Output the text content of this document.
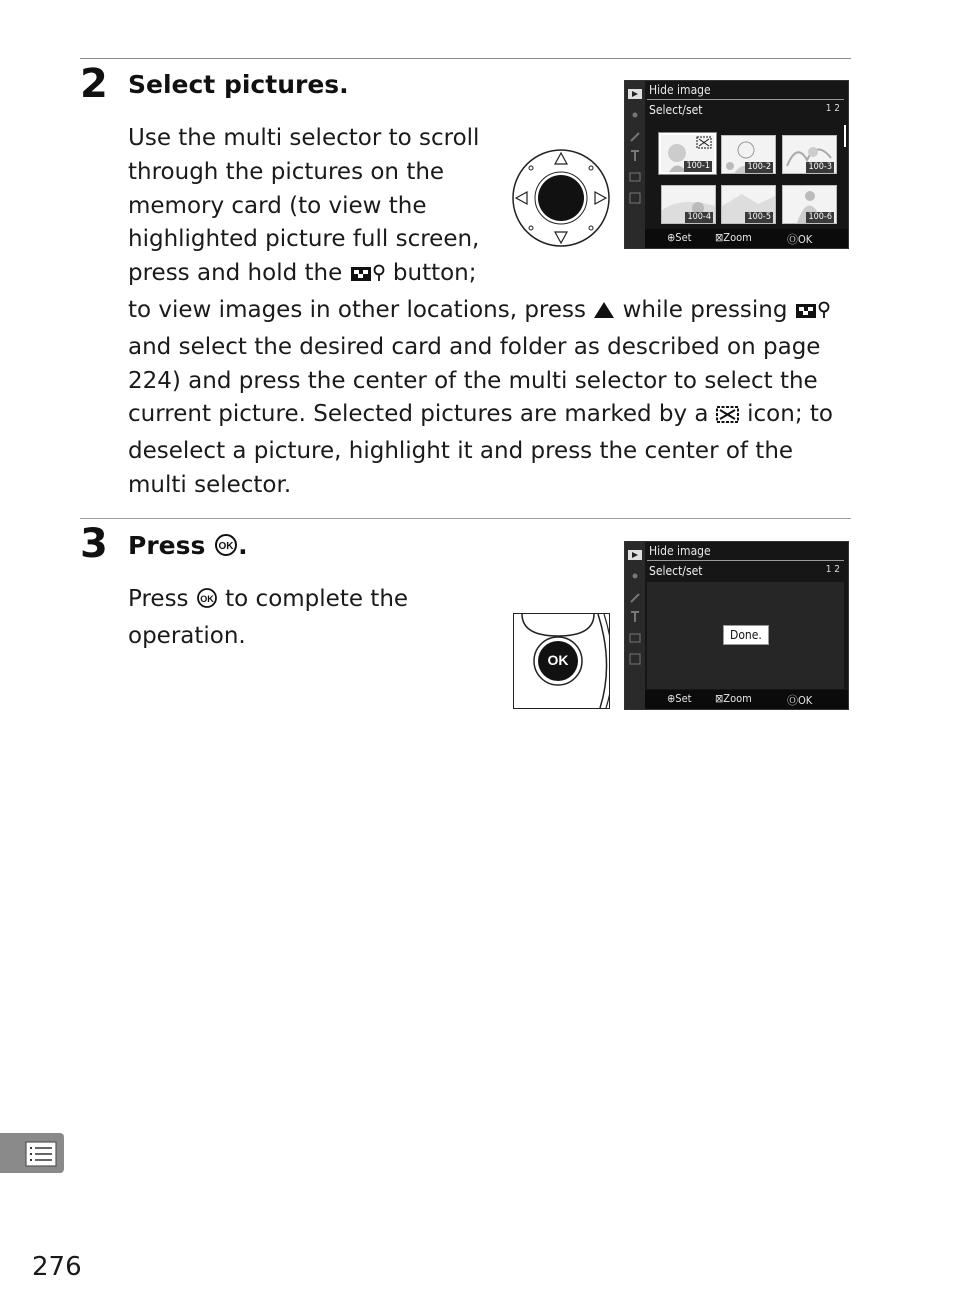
2 Select pictures.
Use the multi selector to scroll
through the pictures on the
memory card (to view the
highlighted picture full screen,
press and hold the  button;
to view images in other locations, press  while pressing
and select the desired card and folder as described on page
224) and press the center of the multi selector to select the
current picture. Selected pictures are marked by a  icon; to
deselect a picture, highlight it and press the center of the
multi selector.
Hide image
Select/set	1 2
100-1	100-2	100-3
100-4	100-5	100-6
⊕Set ⊠Zoom	ⓄOK
3 Press OK .
Press OK to complete the
operation.
OK
Hide image
Select/set	1 2
Done.
⊕Set ⊠Zoom	ⓄOK
276
